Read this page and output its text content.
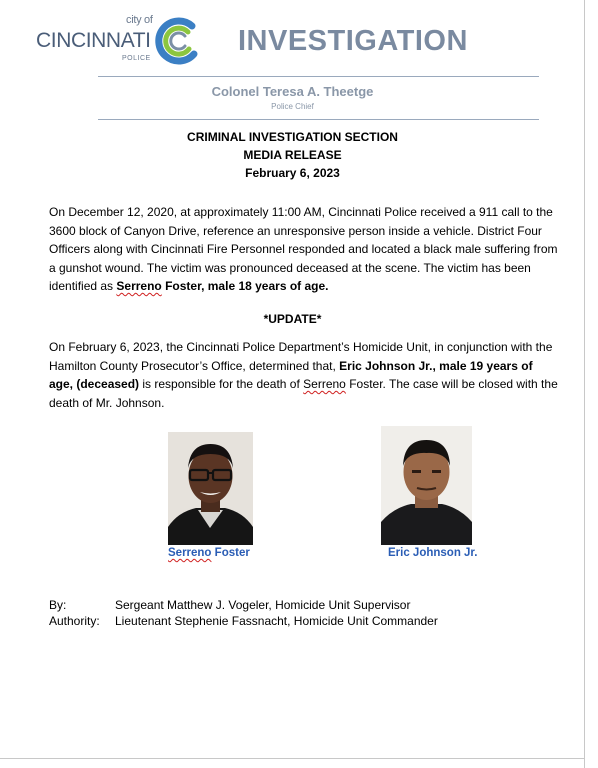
city of
CINCINNATI
POLICE
INVESTIGATION
Colonel Teresa A. Theetge
Police Chief
CRIMINAL INVESTIGATION SECTION
MEDIA RELEASE
February 6, 2023
On December 12, 2020, at approximately 11:00 AM, Cincinnati Police received a 911 call to the 3600 block of Canyon Drive, reference an unresponsive person inside a vehicle. District Four Officers along with Cincinnati Fire Personnel responded and located a black male suffering from a gunshot wound. The victim was pronounced deceased at the scene. The victim has been identified as Serreno Foster, male 18 years of age.
*UPDATE*
On February 6, 2023, the Cincinnati Police Department’s Homicide Unit, in conjunction with the Hamilton County Prosecutor’s Office, determined that, Eric Johnson Jr., male 19 years of age, (deceased) is responsible for the death of Serreno Foster. The case will be closed with the death of Mr. Johnson.
Serreno Foster	Eric Johnson Jr.
By:	Sergeant Matthew J. Vogeler, Homicide Unit Supervisor
Authority: Lieutenant Stephenie Fassnacht, Homicide Unit Commander
